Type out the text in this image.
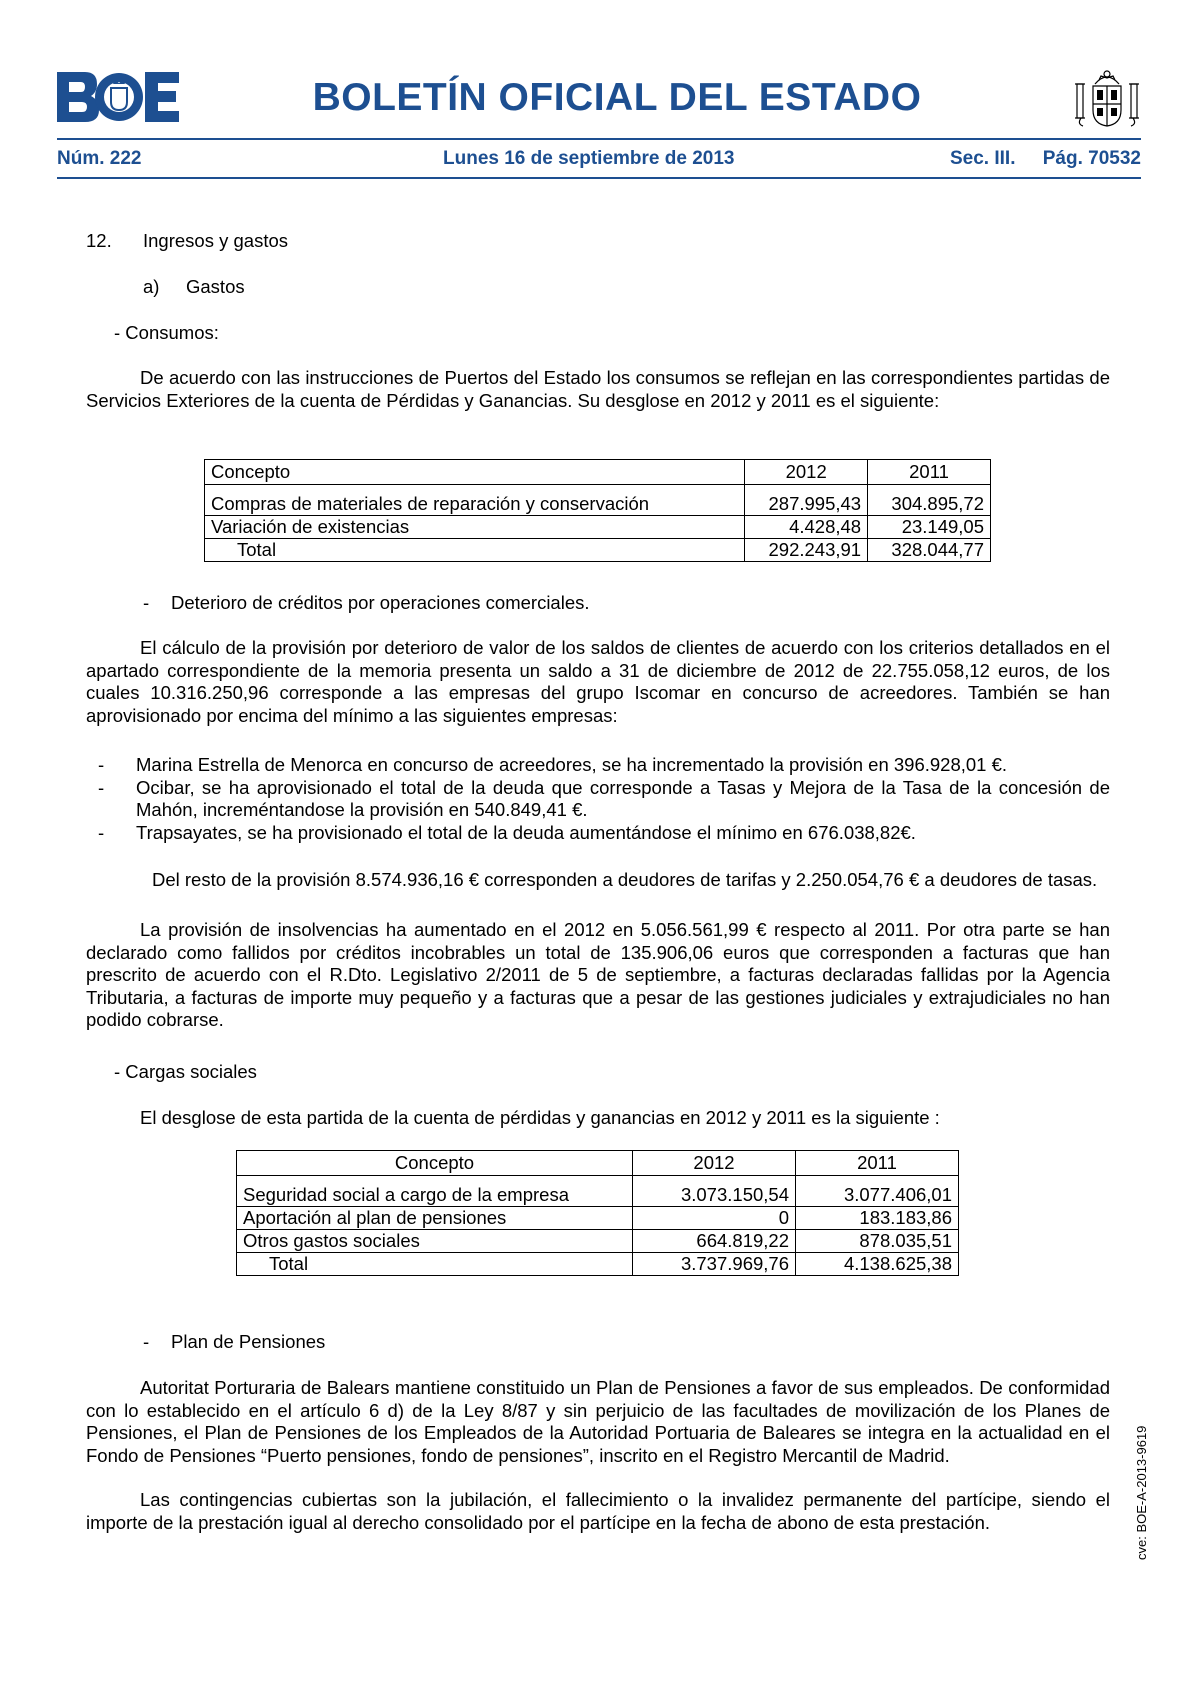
BOLETÍN OFICIAL DEL ESTADO
Núm. 222	Lunes 16 de septiembre de 2013	Sec. III. Pág. 70532
12. Ingresos y gastos
a) Gastos
- Consumos:
De acuerdo con las instrucciones de Puertos del Estado los consumos se reflejan en las correspondientes partidas de Servicios Exteriores de la cuenta de Pérdidas y Ganancias. Su desglose en 2012 y 2011 es el siguiente:
Concepto	2012	2011
Compras de materiales de reparación y conservación	287.995,43	304.895,72
Variación de existencias	4.428,48	23.149,05
Total	292.243,91	328.044,77
- Deterioro de créditos por operaciones comerciales.
El cálculo de la provisión por deterioro de valor de los saldos de clientes de acuerdo con los criterios detallados en el apartado correspondiente de la memoria presenta un saldo a 31 de diciembre de 2012 de 22.755.058,12 euros, de los cuales 10.316.250,96 corresponde a las empresas del grupo Iscomar en concurso de acreedores. También se han aprovisionado por encima del mínimo a las siguientes empresas:
- Marina Estrella de Menorca en concurso de acreedores, se ha incrementado la provisión en 396.928,01 €.
- Ocibar, se ha aprovisionado el total de la deuda que corresponde a Tasas y Mejora de la Tasa de la concesión de Mahón, increméntandose la provisión en 540.849,41 €.
- Trapsayates, se ha provisionado el total de la deuda aumentándose el mínimo en 676.038,82€.
Del resto de la provisión 8.574.936,16 € corresponden a deudores de tarifas y 2.250.054,76 € a deudores de tasas.
La provisión de insolvencias ha aumentado en el 2012 en 5.056.561,99 € respecto al 2011. Por otra parte se han declarado como fallidos por créditos incobrables un total de 135.906,06 euros que corresponden a facturas que han prescrito de acuerdo con el R.Dto. Legislativo 2/2011 de 5 de septiembre, a facturas declaradas fallidas por la Agencia Tributaria, a facturas de importe muy pequeño y a facturas que a pesar de las gestiones judiciales y extrajudiciales no han podido cobrarse.
- Cargas sociales
El desglose de esta partida de la cuenta de pérdidas y ganancias en 2012 y 2011 es la siguiente :
Concepto	2012	2011
Seguridad social a cargo de la empresa	3.073.150,54	3.077.406,01
Aportación al plan de pensiones	0	183.183,86
Otros gastos sociales	664.819,22	878.035,51
Total	3.737.969,76	4.138.625,38
- Plan de Pensiones
Autoritat Porturaria de Balears mantiene constituido un Plan de Pensiones a favor de sus empleados. De conformidad con lo establecido en el artículo 6 d) de la Ley 8/87 y sin perjuicio de las facultades de movilización de los Planes de Pensiones, el Plan de Pensiones de los Empleados de la Autoridad Portuaria de Baleares se integra en la actualidad en el Fondo de Pensiones “Puerto pensiones, fondo de pensiones”, inscrito en el Registro Mercantil de Madrid.
Las contingencias cubiertas son la jubilación, el fallecimiento o la invalidez permanente del partícipe, siendo el importe de la prestación igual al derecho consolidado por el partícipe en la fecha de abono de esta prestación.	cve: BOE-A-2013-9619
